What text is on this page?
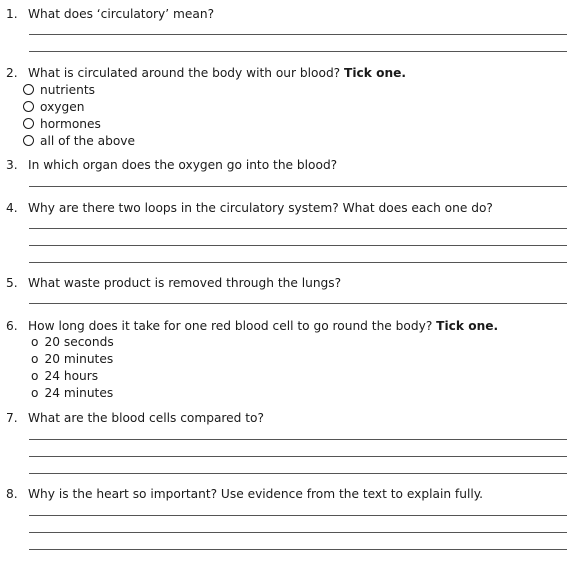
1. What does ‘circulatory’ mean?
2. What is circulated around the body with our blood? Tick one.
nutrients
oxygen
hormones
all of the above
3. In which organ does the oxygen go into the blood?
4. Why are there two loops in the circulatory system? What does each one do?
5. What waste product is removed through the lungs?
6. How long does it take for one red blood cell to go round the body? Tick one.
o 20 seconds
o 20 minutes
o 24 hours
o 24 minutes
7. What are the blood cells compared to?
8. Why is the heart so important? Use evidence from the text to explain fully.
